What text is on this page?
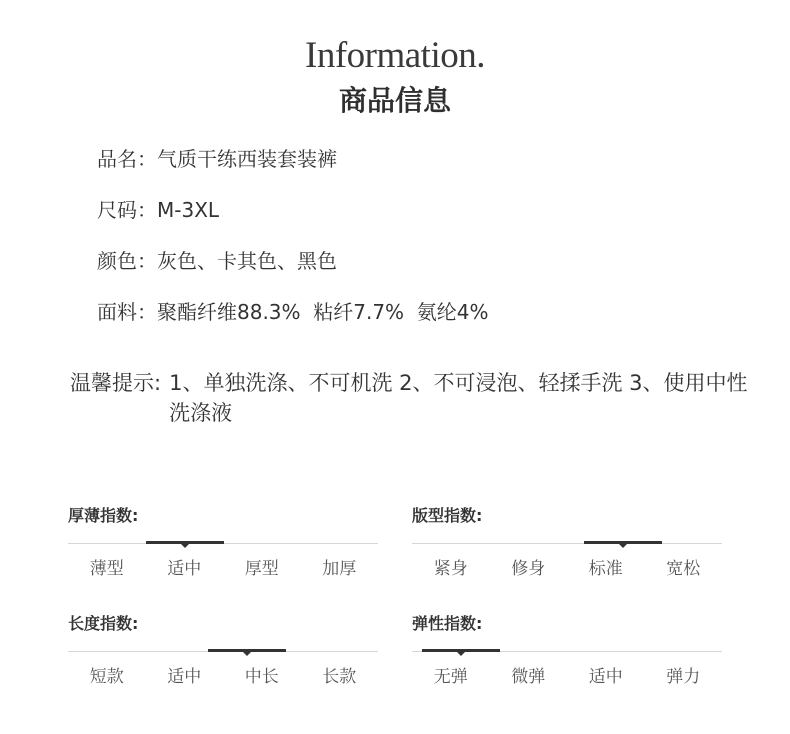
Information.
商品信息
品名：气质干练西装套装裤
尺码：M-3XL
颜色：灰色、卡其色、黑色
面料：聚酯纤维88.3%  粘纤7.7%  氨纶4%
温馨提示: 1、单独洗涤、不可机洗 2、不可浸泡、轻揉手洗 3、使用中性洗涤液
厚薄指数:
薄型	适中	厚型	加厚
版型指数:
紧身	修身	标准	宽松
长度指数:
短款	适中	中长	长款
弹性指数:
无弹	微弹	适中	弹力
